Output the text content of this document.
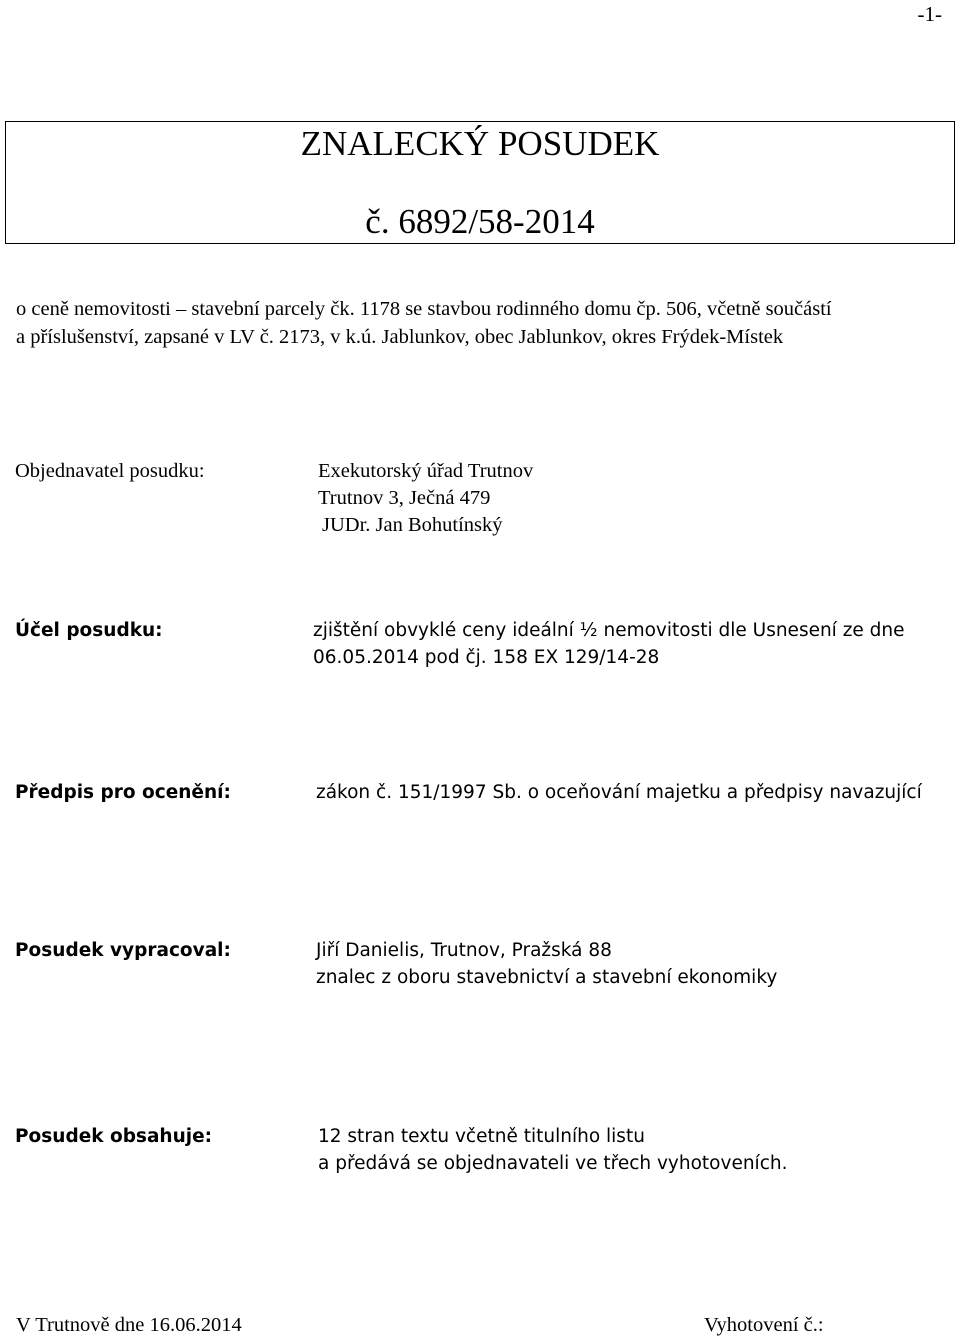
-1-
ZNALECKÝ POSUDEK
č. 6892/58-2014
o ceně nemovitosti – stavební parcely čk. 1178 se stavbou rodinného domu čp. 506, včetně součástí
a příslušenství, zapsané v LV č. 2173, v k.ú. Jablunkov, obec Jablunkov, okres Frýdek-Místek
Objednavatel posudku:	Exekutorský úřad Trutnov
Trutnov 3, Ječná 479
JUDr. Jan Bohutínský
Účel posudku:	zjištění obvyklé ceny ideální ½ nemovitosti dle Usnesení ze dne
06.05.2014 pod čj. 158 EX 129/14-28
Předpis pro ocenění:	zákon č. 151/1997 Sb. o oceňování majetku a předpisy navazující
Posudek vypracoval:	Jiří Danielis, Trutnov, Pražská 88
znalec z oboru stavebnictví a stavební ekonomiky
Posudek obsahuje:	12 stran textu včetně titulního listu
a předává se objednavateli ve třech vyhotoveních.
V Trutnově dne 16.06.2014	Vyhotovení č.:
